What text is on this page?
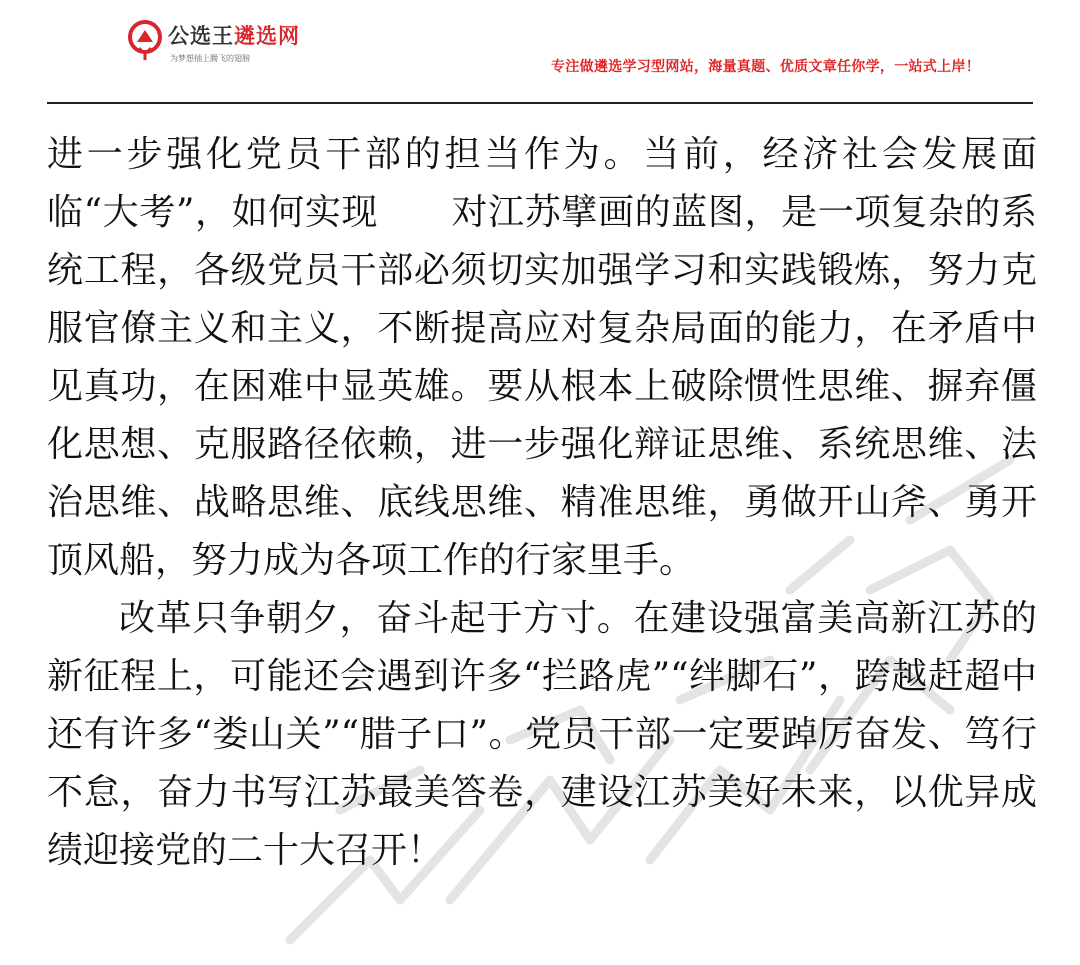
公选王遴选网
为梦想插上腾飞的翅膀
专注做遴选学习型网站，海量真题、优质文章任你学，一站式上岸！

进一步强化党员干部的担当作为。当前，经济社会发展面临“大考”，如何实现　　对江苏擘画的蓝图，是一项复杂的系统工程，各级党员干部必须切实加强学习和实践锻炼，努力克服官僚主义和主义，不断提高应对复杂局面的能力，在矛盾中见真功，在困难中显英雄。要从根本上破除惯性思维、摒弃僵化思想、克服路径依赖，进一步强化辩证思维、系统思维、法治思维、战略思维、底线思维、精准思维，勇做开山斧、勇开顶风船，努力成为各项工作的行家里手。

改革只争朝夕，奋斗起于方寸。在建设强富美高新江苏的新征程上，可能还会遇到许多“拦路虎”“绊脚石”，跨越赶超中还有许多“娄山关”“腊子口”。党员干部一定要踔厉奋发、笃行不怠，奋力书写江苏最美答卷，建设江苏美好未来，以优异成绩迎接党的二十大召开！
